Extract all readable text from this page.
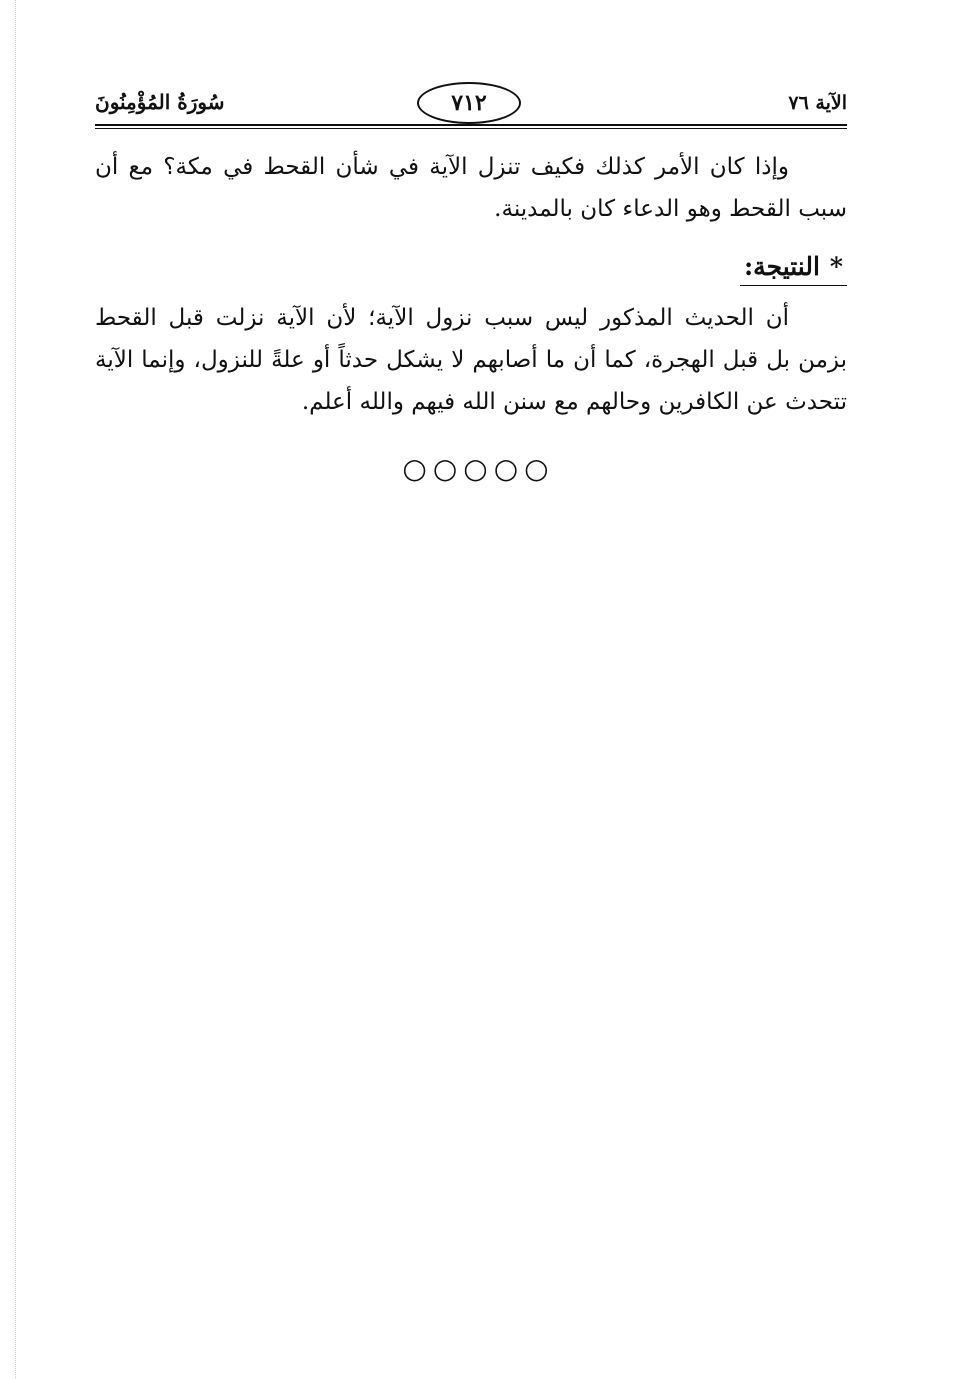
الآية ٧٦
٧١٢
سُورَةُ المُؤْمِنُونَ
وإذا كان الأمر كذلك فكيف تنزل الآية في شأن القحط في مكة؟ مع أن سبب القحط وهو الدعاء كان بالمدينة.
*النتيجة:
أن الحديث المذكور ليس سبب نزول الآية؛ لأن الآية نزلت قبل القحط بزمن بل قبل الهجرة، كما أن ما أصابهم لا يشكل حدثاً أو علةً للنزول، وإنما الآية تتحدث عن الكافرين وحالهم مع سنن الله فيهم والله أعلم.
○○○○○
